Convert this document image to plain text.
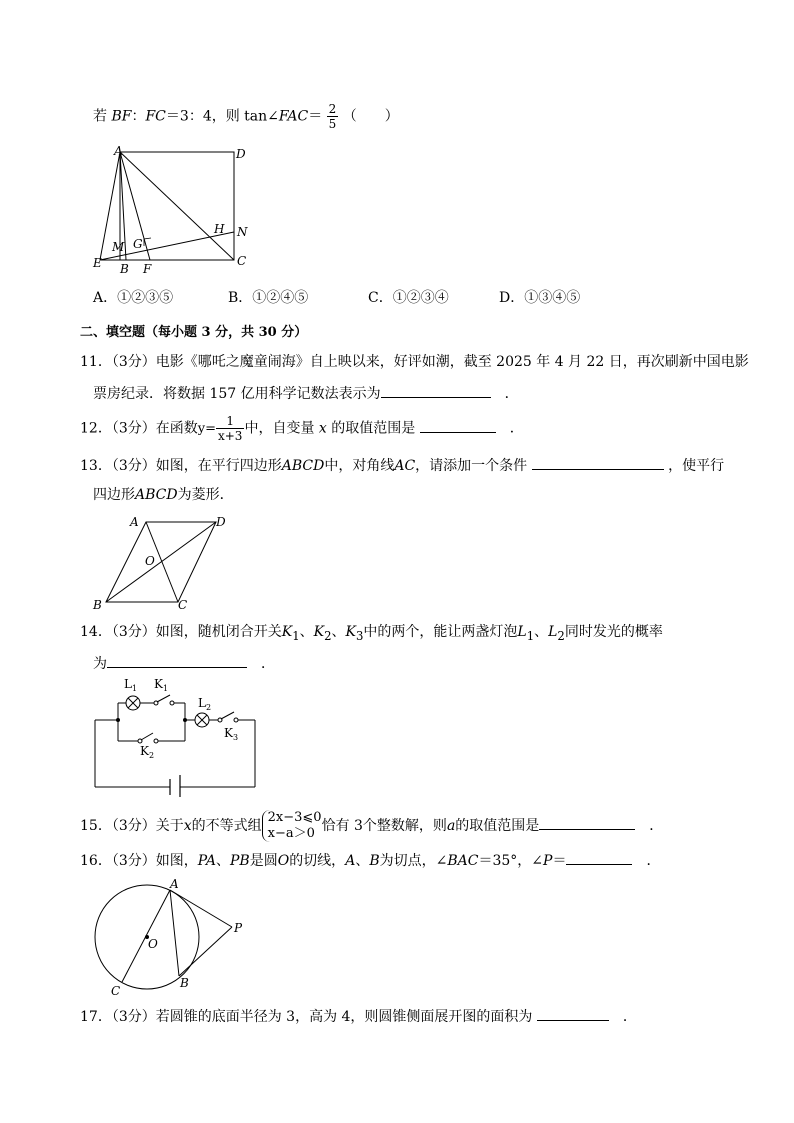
若 BF：FC＝3：4，则 tan∠FAC＝ $\frac{2}{5}$ （　　）
A	D
E B F
C
M G
H N
A．①②③⑤	B．①②④⑤	C．①②③④	D．①③④⑤
二、填空题（每小题 3 分，共 30 分）
11．（3分）电影《哪吒之魔童闹海》自上映以来，好评如潮，截至 2025 年 4 月 22 日，再次刷新中国电影
票房纪录．将数据 157 亿用科学记数法表示为　	．
12．（3分）在函数$y= \frac{1}{x+3}$ 中，自变量 x 的取值范围是 　	．
13．（3分）如图，在平行四边形ABCD中，对角线AC，请添加一个条件	，使平行
四边形ABCD为菱形．
A	D
O
B	C
14．（3分）如图，随机闭合开关$K_1$、$K_2$、$K_3$中的两个，能让两盏灯泡$L_1$、$L_2$同时发光的概率
为　	．
$L_1$ $K_1$
$L_2$
$K_2$
$K_3$
15．（3分）关于x的不等式组
2x−3⩽0
x−a＞0 恰有 3个整数解，则a的取值范围是　	．
16．（3分）如图，PA、PB是圆O的切线，A、B为切点，∠BAC＝35°，∠P＝　	．
A
O
P
B
C
17．（3分）若圆锥的底面半径为 3，高为 4，则圆锥侧面展开图的面积为 　	．
